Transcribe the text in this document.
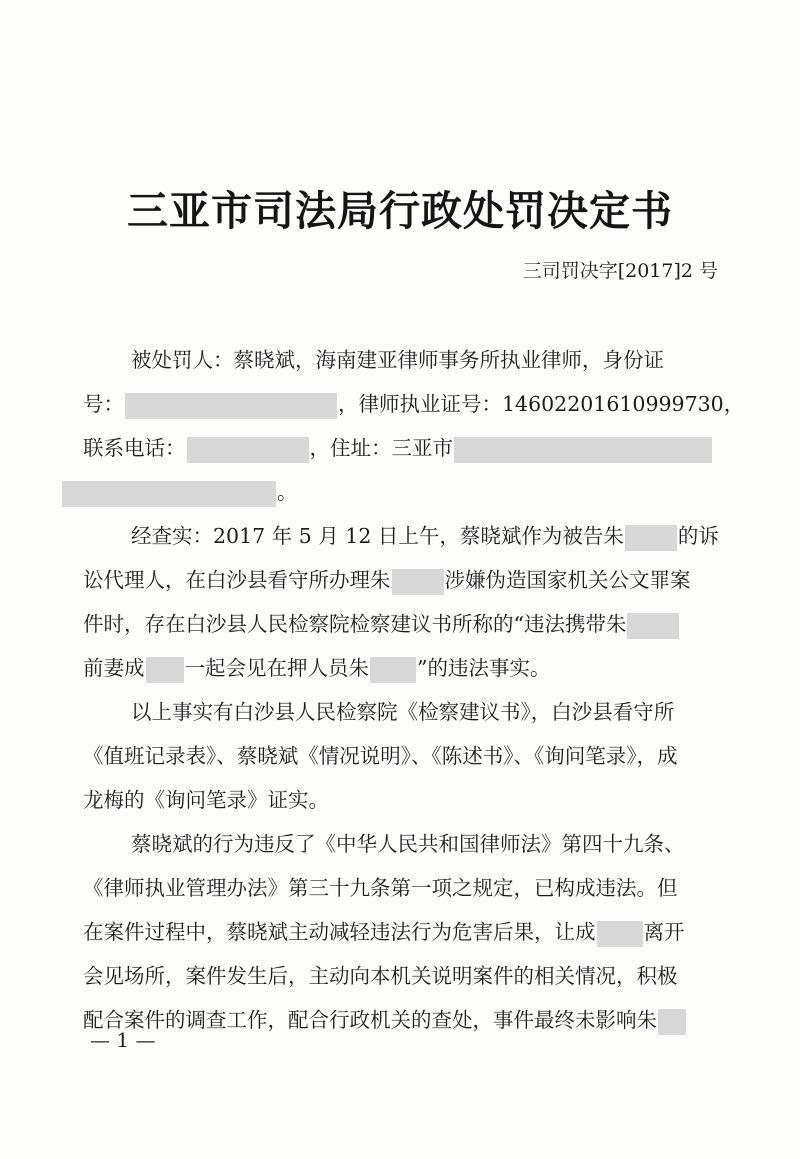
三亚市司法局行政处罚决定书
三司罚决字[2017]2 号
被处罚人：蔡晓斌，海南建亚律师事务所执业律师，身份证
号：	，律师执业证号：14602201610999730，
联系电话：	，住址：三亚市
。
经查实：2017 年 5 月 12 日上午，蔡晓斌作为被告朱	的诉
讼代理人，在白沙县看守所办理朱	涉嫌伪造国家机关公文罪案
件时，存在白沙县人民检察院检察建议书所称的“违法携带朱
前妻成 一起会见在押人员朱 ”的违法事实。
以上事实有白沙县人民检察院《检察建议书》，白沙县看守所
《值班记录表》、蔡晓斌《情况说明》、《陈述书》、《询问笔录》，成
龙梅的《询问笔录》证实。
蔡晓斌的行为违反了《中华人民共和国律师法》第四十九条、
《律师执业管理办法》第三十九条第一项之规定，已构成违法。但
在案件过程中，蔡晓斌主动减轻违法行为危害后果，让成 离开
会见场所，案件发生后，主动向本机关说明案件的相关情况，积极
配合案件的调查工作，配合行政机关的查处，事件最终未影响朱
— 1 —
